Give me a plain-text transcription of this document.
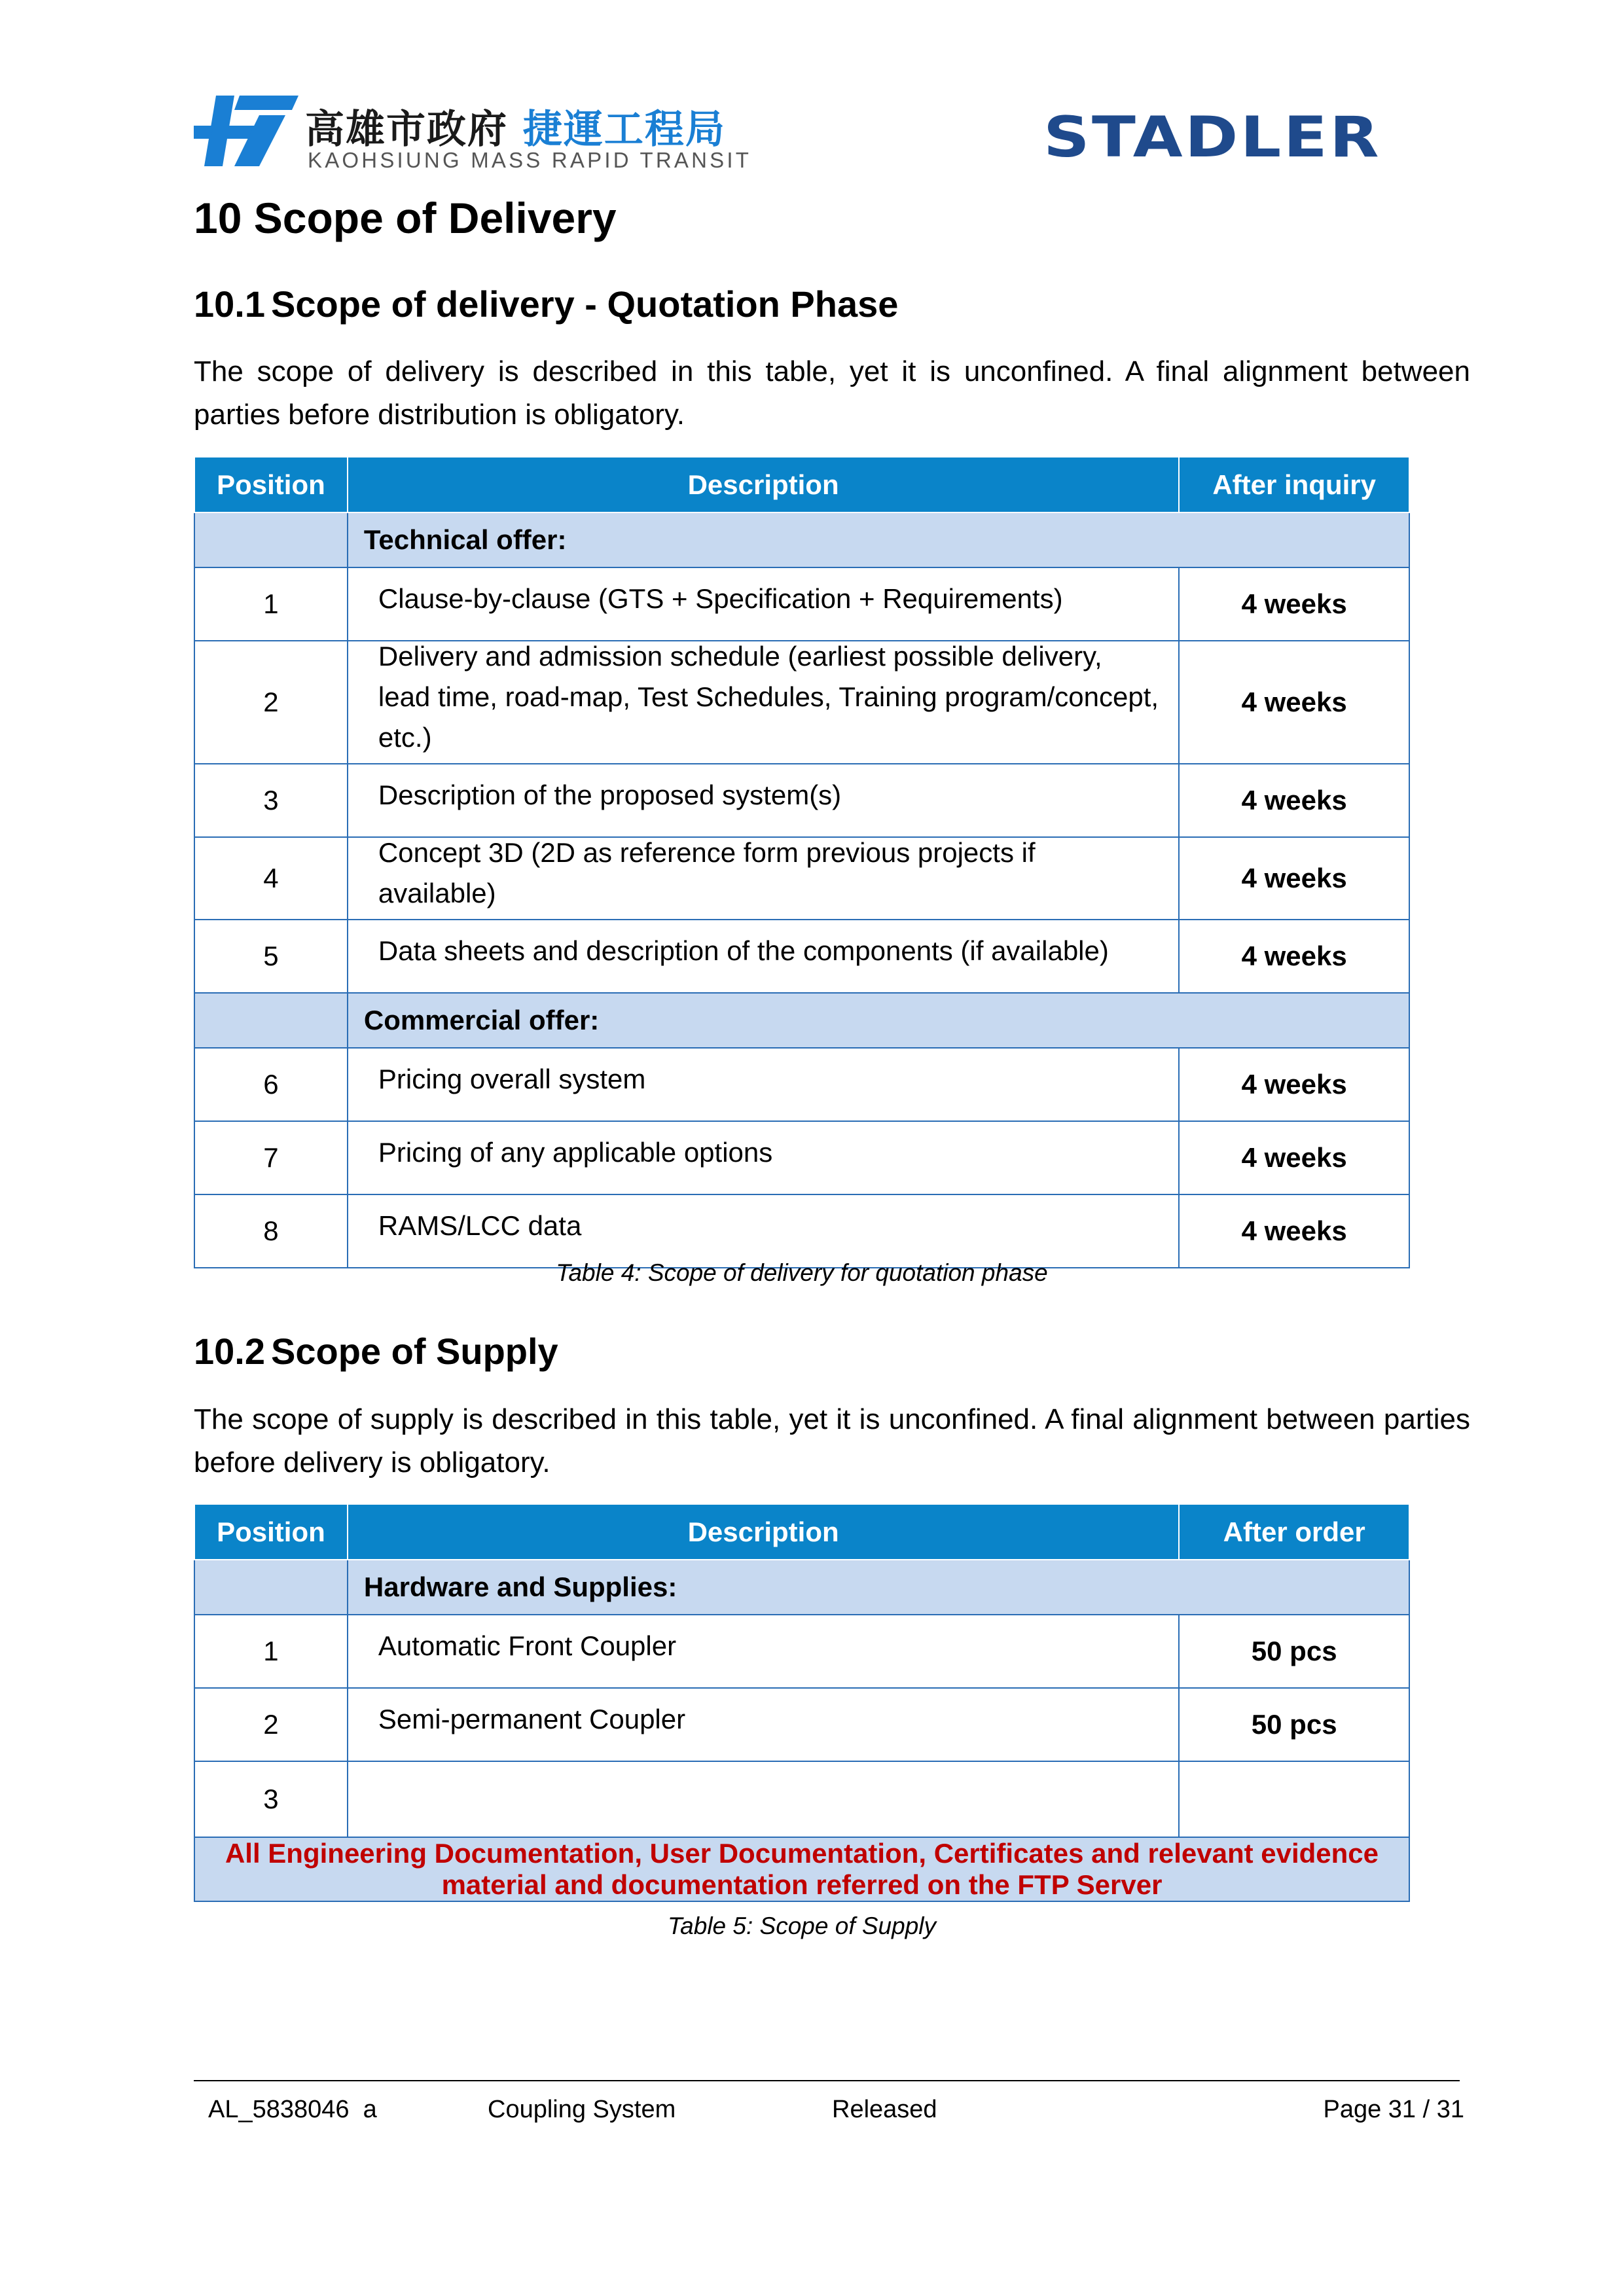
高雄市政府 捷運工程局
KAOHSIUNG MASS RAPID TRANSIT	STADLER
10 Scope of Delivery
10.1 Scope of delivery - Quotation Phase

The scope of delivery is described in this table, yet it is unconfined. A final alignment between parties before distribution is obligatory.

Position	Description	After inquiry
	Technical offer:	
1	Clause-by-clause (GTS + Specification + Requirements)	4 weeks
2	Delivery and admission schedule (earliest possible delivery, lead time, road-map, Test Schedules, Training program/concept, etc.)	4 weeks
3	Description of the proposed system(s)	4 weeks
4	Concept 3D (2D as reference form previous projects if available)	4 weeks
5	Data sheets and description of the components (if available)	4 weeks
	Commercial offer:	
6	Pricing overall system	4 weeks
7	Pricing of any applicable options	4 weeks
8	RAMS/LCC data	4 weeks
Table 4: Scope of delivery for quotation phase
10.2 Scope of Supply

The scope of supply is described in this table, yet it is unconfined. A final alignment between parties before delivery is obligatory.

Position	Description	After order
	Hardware and Supplies:	
1	Automatic Front Coupler	50 pcs
2	Semi-permanent Coupler	50 pcs
3		
All Engineering Documentation, User Documentation, Certificates and relevant evidence
material and documentation referred on the FTP Server		
Table 5: Scope of Supply
AL_5838046  a	Coupling System	Released	Page 31 / 31
